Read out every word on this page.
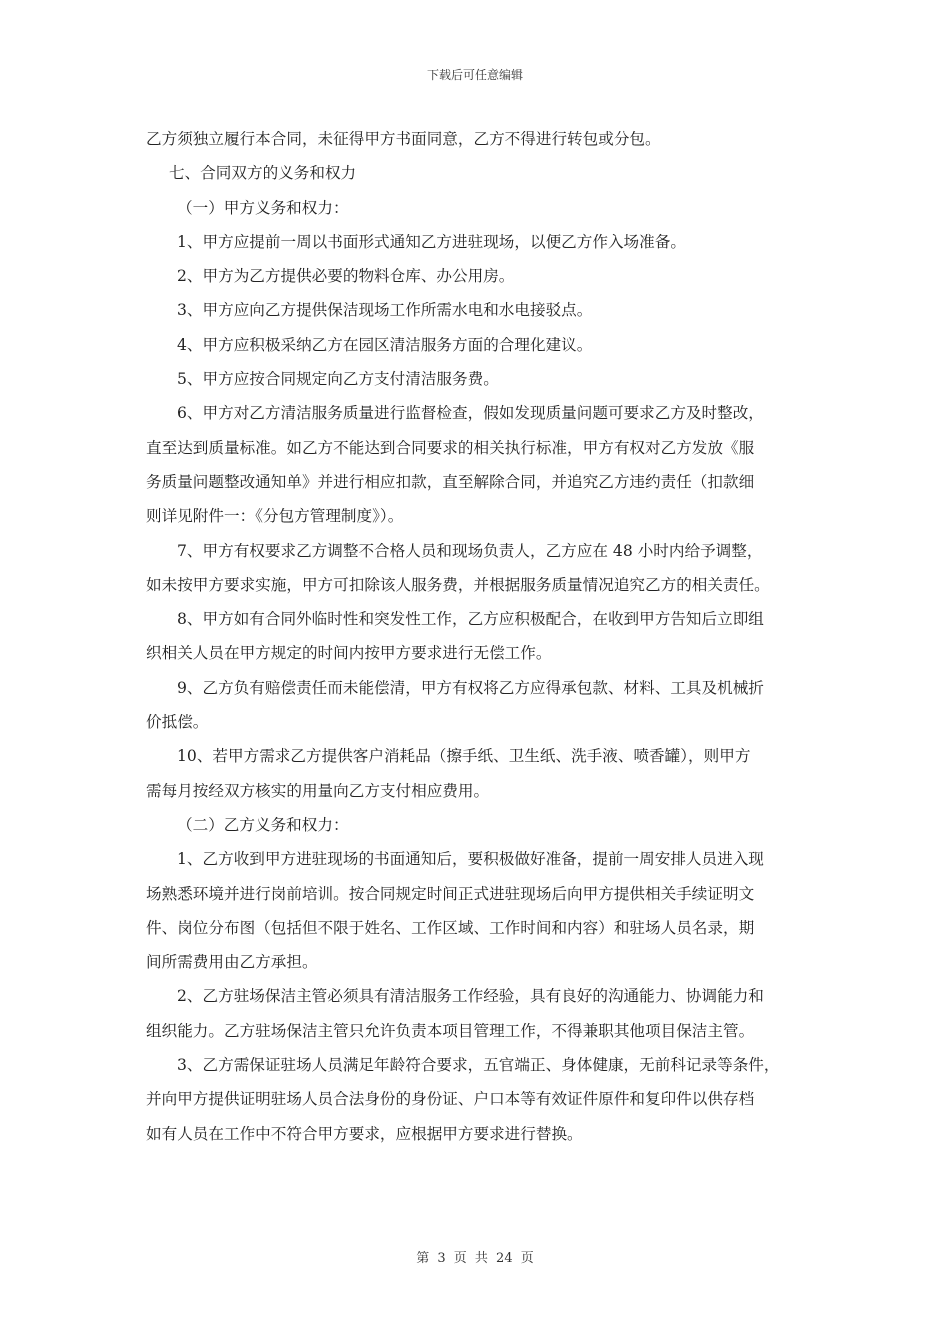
下载后可任意编辑
乙方须独立履行本合同，未征得甲方书面同意，乙方不得进行转包或分包。
七、合同双方的义务和权力
（一）甲方义务和权力：
1、甲方应提前一周以书面形式通知乙方进驻现场，以便乙方作入场准备。
2、甲方为乙方提供必要的物料仓库、办公用房。
3、甲方应向乙方提供保洁现场工作所需水电和水电接驳点。
4、甲方应积极采纳乙方在园区清洁服务方面的合理化建议。
5、甲方应按合同规定向乙方支付清洁服务费。
6、甲方对乙方清洁服务质量进行监督检查，假如发现质量问题可要求乙方及时整改，
直至达到质量标准。如乙方不能达到合同要求的相关执行标准，甲方有权对乙方发放《服
务质量问题整改通知单》并进行相应扣款，直至解除合同，并追究乙方违约责任（扣款细
则详见附件一：《分包方管理制度》）。
7、甲方有权要求乙方调整不合格人员和现场负责人，乙方应在 48 小时内给予调整，
如未按甲方要求实施，甲方可扣除该人服务费，并根据服务质量情况追究乙方的相关责任。
8、甲方如有合同外临时性和突发性工作，乙方应积极配合，在收到甲方告知后立即组
织相关人员在甲方规定的时间内按甲方要求进行无偿工作。
9、乙方负有赔偿责任而未能偿清，甲方有权将乙方应得承包款、材料、工具及机械折
价抵偿。
10、若甲方需求乙方提供客户消耗品（擦手纸、卫生纸、洗手液、喷香罐），则甲方
需每月按经双方核实的用量向乙方支付相应费用。
（二）乙方义务和权力：
1、乙方收到甲方进驻现场的书面通知后，要积极做好准备，提前一周安排人员进入现
场熟悉环境并进行岗前培训。按合同规定时间正式进驻现场后向甲方提供相关手续证明文
件、岗位分布图（包括但不限于姓名、工作区域、工作时间和内容）和驻场人员名录，期
间所需费用由乙方承担。
2、乙方驻场保洁主管必须具有清洁服务工作经验，具有良好的沟通能力、协调能力和
组织能力。乙方驻场保洁主管只允许负责本项目管理工作，不得兼职其他项目保洁主管。
3、乙方需保证驻场人员满足年龄符合要求，五官端正、身体健康，无前科记录等条件，
并向甲方提供证明驻场人员合法身份的身份证、户口本等有效证件原件和复印件以供存档
如有人员在工作中不符合甲方要求，应根据甲方要求进行替换。
第 3 页 共 24 页
